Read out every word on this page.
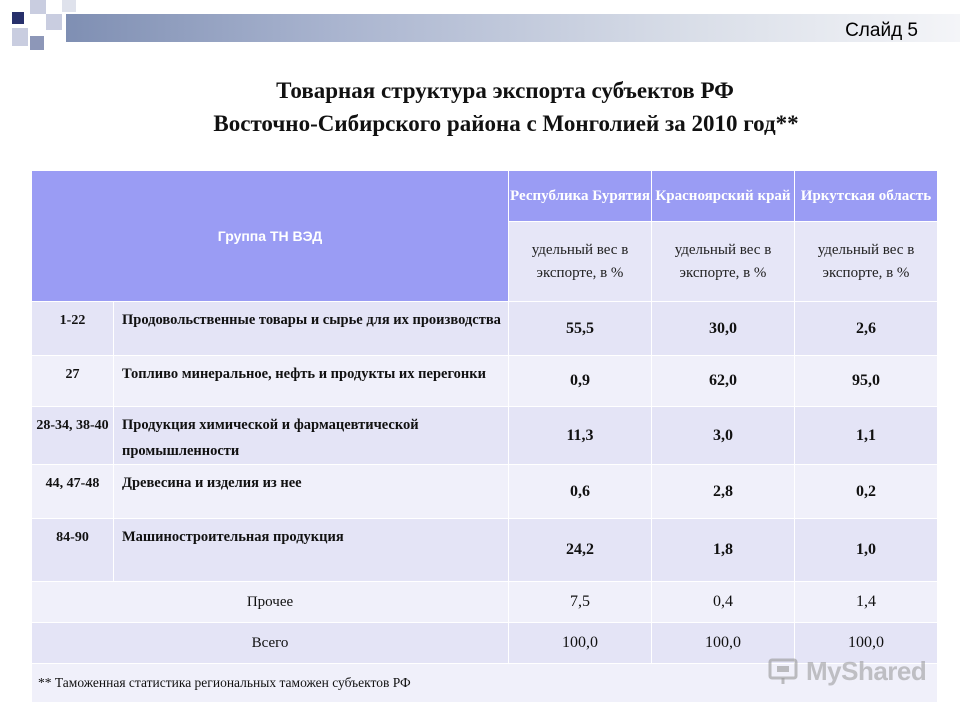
Слайд 5
Товарная структура экспорта субъектов РФ
Восточно-Сибирского района с Монголией за 2010 год**
Группа ТН ВЭД		Республика Бурятия	Красноярский край	Иркутская область
		удельный вес в экспорте, в %	удельный вес в экспорте, в %	удельный вес в экспорте, в %
1-22	Продовольственные товары и сырье для их производства	55,5	30,0	2,6
27	Топливо минеральное, нефть и продукты их перегонки	0,9	62,0	95,0
28-34, 38-40	Продукция химической и фармацевтической промышленности	11,3	3,0	1,1
44, 47-48	Древесина и изделия из нее	0,6	2,8	0,2
84-90	Машиностроительная продукция	24,2	1,8	1,0
Прочее		7,5	0,4	1,4
Всего		100,0	100,0	100,0
** Таможенная статистика региональных таможен субъектов РФ					MyShared
